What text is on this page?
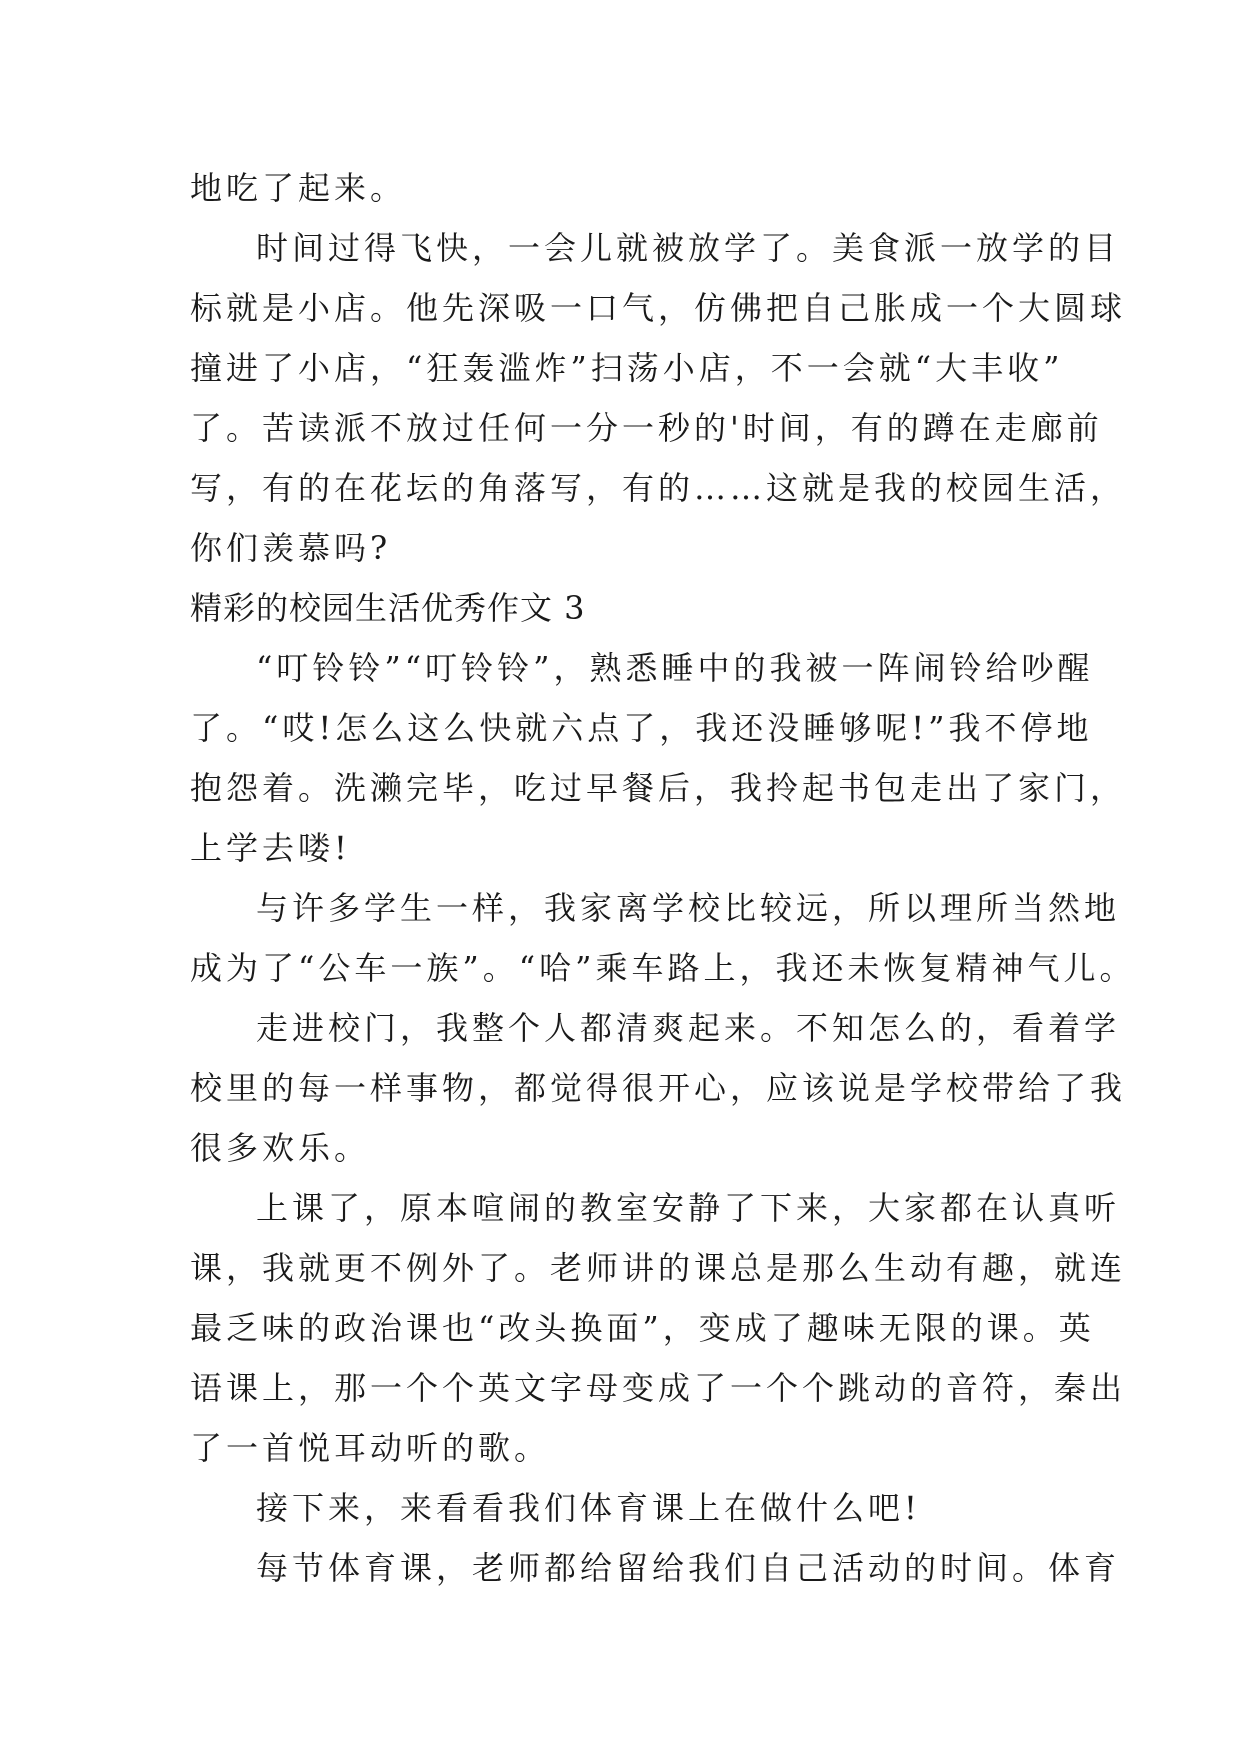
地吃了起来。
时间过得飞快，一会儿就被放学了。美食派一放学的目
标就是小店。他先深吸一口气，仿佛把自己胀成一个大圆球
撞进了小店，“狂轰滥炸”扫荡小店，不一会就“大丰收”
了。苦读派不放过任何一分一秒的'时间，有的蹲在走廊前
写，有的在花坛的角落写，有的……这就是我的校园生活，
你们羡慕吗?
精彩的校园生活优秀作文 3
“叮铃铃”“叮铃铃”，熟悉睡中的我被一阵闹铃给吵醒
了。“哎!怎么这么快就六点了，我还没睡够呢!”我不停地
抱怨着。洗濑完毕，吃过早餐后，我拎起书包走出了家门，
上学去喽!
与许多学生一样，我家离学校比较远，所以理所当然地
成为了“公车一族”。“哈”乘车路上，我还未恢复精神气儿。
走进校门，我整个人都清爽起来。不知怎么的，看着学
校里的每一样事物，都觉得很开心，应该说是学校带给了我
很多欢乐。
上课了，原本喧闹的教室安静了下来，大家都在认真听
课，我就更不例外了。老师讲的课总是那么生动有趣，就连
最乏味的政治课也“改头换面”，变成了趣味无限的课。英
语课上，那一个个英文字母变成了一个个跳动的音符，秦出
了一首悦耳动听的歌。
接下来，来看看我们体育课上在做什么吧!
每节体育课，老师都给留给我们自己活动的时间。体育
